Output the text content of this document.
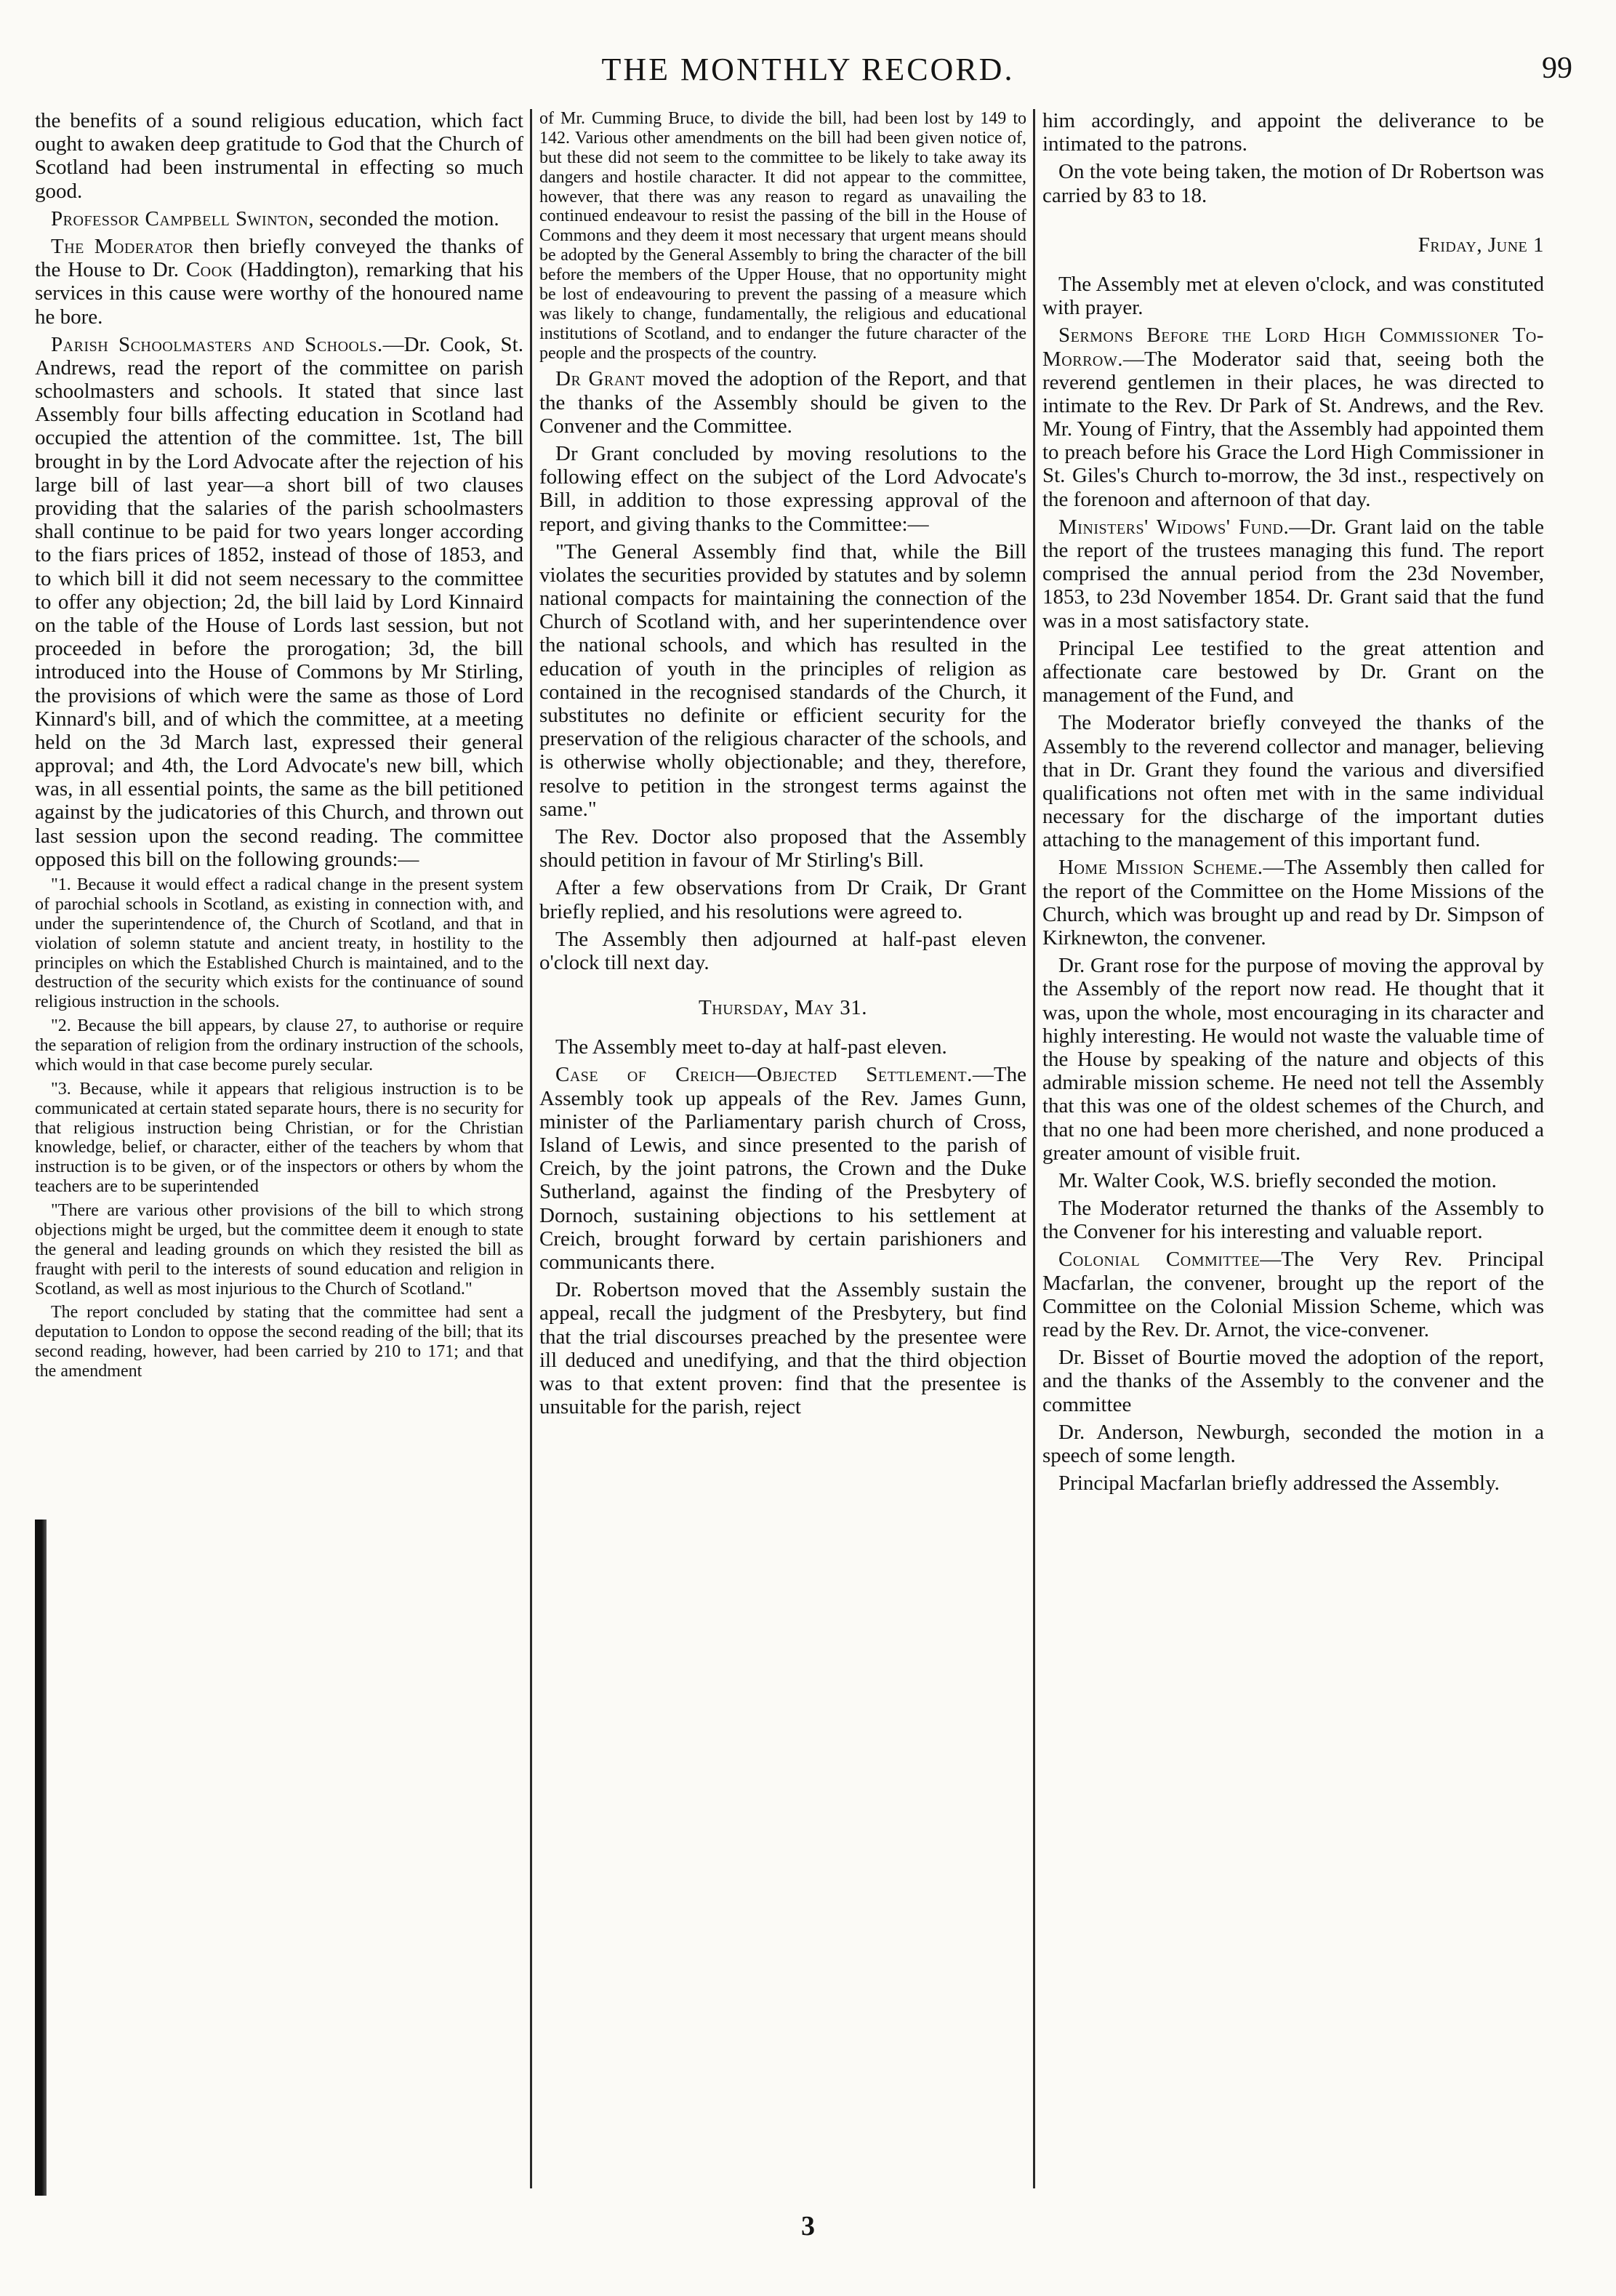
THE MONTHLY RECORD.	99

the benefits of a sound religious education, which fact ought to awaken deep gratitude to God that the Church of Scotland had been instrumental in effecting so much good.

Professor Campbell Swinton, seconded the motion.

The Moderator then briefly conveyed the thanks of the House to Dr. Cook (Haddington), remarking that his services in this cause were worthy of the honoured name he bore.

Parish Schoolmasters and Schools.—Dr. Cook, St. Andrews, read the report of the committee on parish schoolmasters and schools. It stated that since last Assembly four bills affecting education in Scotland had occupied the attention of the committee. 1st, The bill brought in by the Lord Advocate after the rejection of his large bill of last year—a short bill of two clauses providing that the salaries of the parish schoolmasters shall continue to be paid for two years longer according to the fiars prices of 1852, instead of those of 1853, and to which bill it did not seem necessary to the committee to offer any objection; 2d, the bill laid by Lord Kinnaird on the table of the House of Lords last session, but not proceeded in before the prorogation; 3d, the bill introduced into the House of Commons by Mr Stirling, the provisions of which were the same as those of Lord Kinnard's bill, and of which the committee, at a meeting held on the 3d March last, expressed their general approval; and 4th, the Lord Advocate's new bill, which was, in all essential points, the same as the bill petitioned against by the judicatories of this Church, and thrown out last session upon the second reading. The committee opposed this bill on the following grounds:—

"1. Because it would effect a radical change in the present system of parochial schools in Scotland, as existing in connection with, and under the superintendence of, the Church of Scotland, and that in violation of solemn statute and ancient treaty, in hostility to the principles on which the Established Church is maintained, and to the destruction of the security which exists for the continuance of sound religious instruction in the schools.

"2. Because the bill appears, by clause 27, to authorise or require the separation of religion from the ordinary instruction of the schools, which would in that case become purely secular.

"3. Because, while it appears that religious instruction is to be communicated at certain stated separate hours, there is no security for that religious instruction being Christian, or for the Christian knowledge, belief, or character, either of the teachers by whom that instruction is to be given, or of the inspectors or others by whom the teachers are to be superintended

"There are various other provisions of the bill to which strong objections might be urged, but the committee deem it enough to state the general and leading grounds on which they resisted the bill as fraught with peril to the interests of sound education and religion in Scotland, as well as most injurious to the Church of Scotland."

The report concluded by stating that the committee had sent a deputation to London to oppose the second reading of the bill; that its second reading, however, had been carried by 210 to 171; and that the amendment

of Mr. Cumming Bruce, to divide the bill, had been lost by 149 to 142. Various other amendments on the bill had been given notice of, but these did not seem to the committee to be likely to take away its dangers and hostile character. It did not appear to the committee, however, that there was any reason to regard as unavailing the continued endeavour to resist the passing of the bill in the House of Commons and they deem it most necessary that urgent means should be adopted by the General Assembly to bring the character of the bill before the members of the Upper House, that no opportunity might be lost of endeavouring to prevent the passing of a measure which was likely to change, fundamentally, the religious and educational institutions of Scotland, and to endanger the future character of the people and the prospects of the country.

Dr Grant moved the adoption of the Report, and that the thanks of the Assembly should be given to the Convener and the Committee.

Dr Grant concluded by moving resolutions to the following effect on the subject of the Lord Advocate's Bill, in addition to those expressing approval of the report, and giving thanks to the Committee:—

"The General Assembly find that, while the Bill violates the securities provided by statutes and by solemn national compacts for maintaining the connection of the Church of Scotland with, and her superintendence over the national schools, and which has resulted in the education of youth in the principles of religion as contained in the recognised standards of the Church, it substitutes no definite or efficient security for the preservation of the religious character of the schools, and is otherwise wholly objectionable; and they, therefore, resolve to petition in the strongest terms against the same."

The Rev. Doctor also proposed that the Assembly should petition in favour of Mr Stirling's Bill.

After a few observations from Dr Craik, Dr Grant briefly replied, and his resolutions were agreed to.

The Assembly then adjourned at half-past eleven o'clock till next day.

Thursday, May 31.

The Assembly meet to-day at half-past eleven.

Case of Creich—Objected Settlement.—The Assembly took up appeals of the Rev. James Gunn, minister of the Parliamentary parish church of Cross, Island of Lewis, and since presented to the parish of Creich, by the joint patrons, the Crown and the Duke Sutherland, against the finding of the Presbytery of Dornoch, sustaining objections to his settlement at Creich, brought forward by certain parishioners and communicants there.

Dr. Robertson moved that the Assembly sustain the appeal, recall the judgment of the Presbytery, but find that the trial discourses preached by the presentee were ill deduced and unedifying, and that the third objection was to that extent proven: find that the presentee is unsuitable for the parish, reject

him accordingly, and appoint the deliverance to be intimated to the patrons.

On the vote being taken, the motion of Dr Robertson was carried by 83 to 18.

Friday, June 1

The Assembly met at eleven o'clock, and was constituted with prayer.

Sermons Before the Lord High Commissioner To-Morrow.—The Moderator said that, seeing both the reverend gentlemen in their places, he was directed to intimate to the Rev. Dr Park of St. Andrews, and the Rev. Mr. Young of Fintry, that the Assembly had appointed them to preach before his Grace the Lord High Commissioner in St. Giles's Church to-morrow, the 3d inst., respectively on the forenoon and afternoon of that day.

Ministers' Widows' Fund.—Dr. Grant laid on the table the report of the trustees managing this fund. The report comprised the annual period from the 23d November, 1853, to 23d November 1854. Dr. Grant said that the fund was in a most satisfactory state.

Principal Lee testified to the great attention and affectionate care bestowed by Dr. Grant on the management of the Fund, and

The Moderator briefly conveyed the thanks of the Assembly to the reverend collector and manager, believing that in Dr. Grant they found the various and diversified qualifications not often met with in the same individual necessary for the discharge of the important duties attaching to the management of this important fund.

Home Mission Scheme.—The Assembly then called for the report of the Committee on the Home Missions of the Church, which was brought up and read by Dr. Simpson of Kirknewton, the convener.

Dr. Grant rose for the purpose of moving the approval by the Assembly of the report now read. He thought that it was, upon the whole, most encouraging in its character and highly interesting. He would not waste the valuable time of the House by speaking of the nature and objects of this admirable mission scheme. He need not tell the Assembly that this was one of the oldest schemes of the Church, and that no one had been more cherished, and none produced a greater amount of visible fruit.

Mr. Walter Cook, W.S. briefly seconded the motion.

The Moderator returned the thanks of the Assembly to the Convener for his interesting and valuable report.

Colonial Committee—The Very Rev. Principal Macfarlan, the convener, brought up the report of the Committee on the Colonial Mission Scheme, which was read by the Rev. Dr. Arnot, the vice-convener.

Dr. Bisset of Bourtie moved the adoption of the report, and the thanks of the Assembly to the convener and the committee

Dr. Anderson, Newburgh, seconded the motion in a speech of some length.

Principal Macfarlan briefly addressed the Assembly.

3
